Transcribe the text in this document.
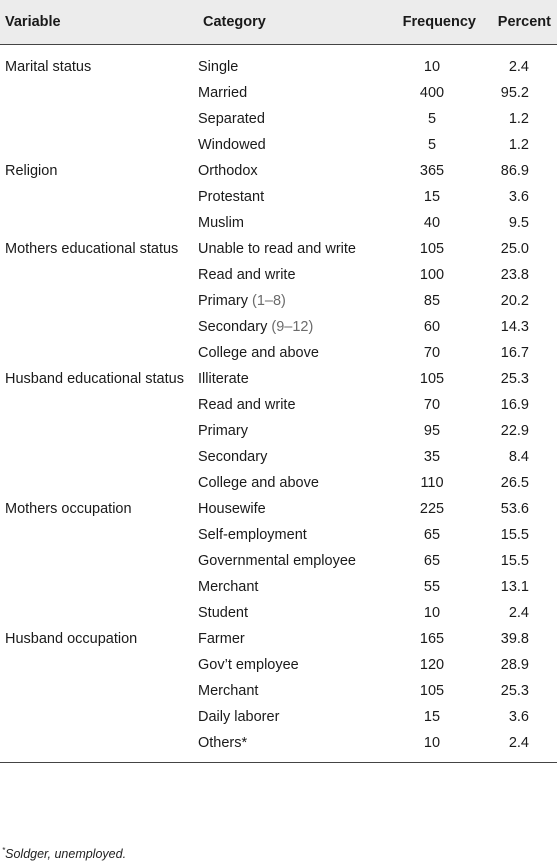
Variable	Category	Frequency	Percent
Marital status	Single	10	2.4
	Married	400	95.2
	Separated	5	1.2
	Windowed	5	1.2
Religion	Orthodox	365	86.9
	Protestant	15	3.6
	Muslim	40	9.5
Mothers educational status	Unable to read and write	105	25.0
	Read and write	100	23.8
	Primary (1–8)	85	20.2
	Secondary (9–12)	60	14.3
	College and above	70	16.7
Husband educational status	Illiterate	105	25.3
	Read and write	70	16.9
	Primary	95	22.9
	Secondary	35	8.4
	College and above	110	26.5
Mothers occupation	Housewife	225	53.6
	Self-employment	65	15.5
	Governmental employee	65	15.5
	Merchant	55	13.1
	Student	10	2.4
Husband occupation	Farmer	165	39.8
	Gov’t employee	120	28.9
	Merchant	105	25.3
	Daily laborer	15	3.6
	Others*	10	2.4
*Soldger, unemployed.
